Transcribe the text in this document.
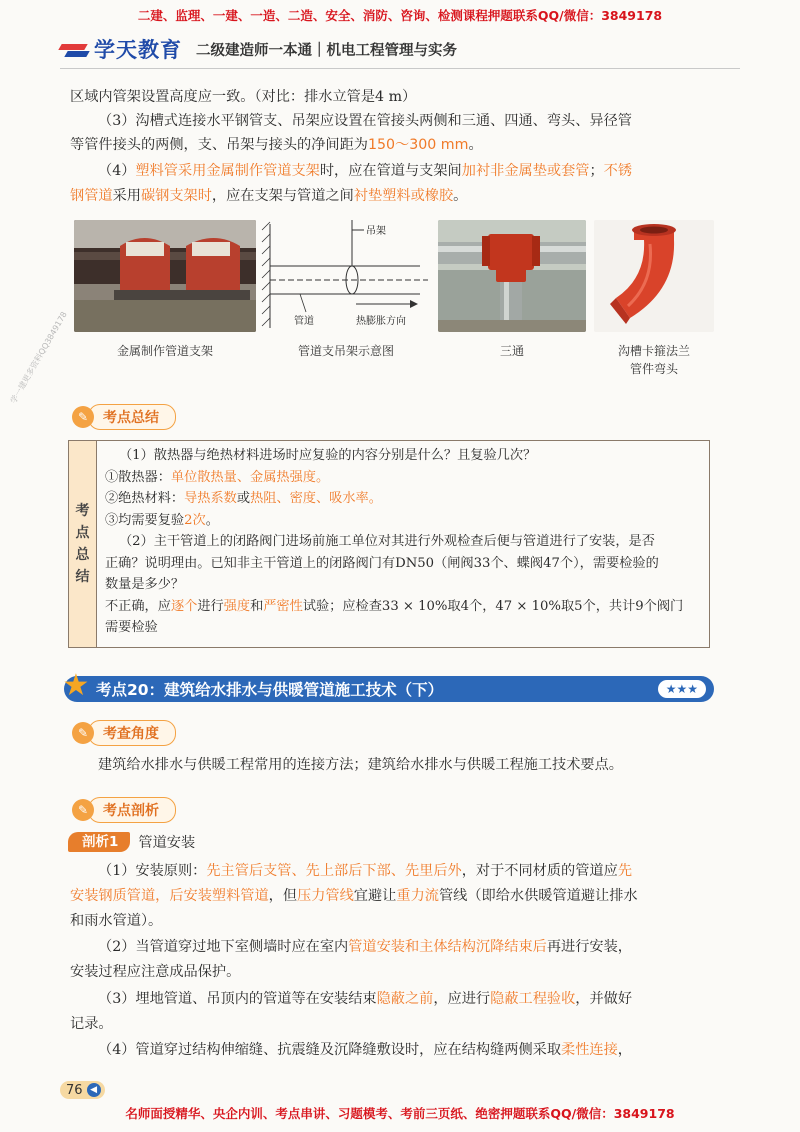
二建、监理、一建、一造、二造、安全、消防、咨询、检测课程押题联系QQ/微信：3849178
学天教育 二级建造师一本通｜机电工程管理与实务
学一建更多资料QQ3849178
区域内管架设置高度应一致。（对比：排水立管是4 m）
（3）沟槽式连接水平钢管支、吊架应设置在管接头两侧和三通、四通、弯头、异径管
等管件接头的两侧，支、吊架与接头的净间距为150～300 mm。
（4）塑料管采用金属制作管道支架时，应在管道与支架间加衬非金属垫或套管；不锈
钢管道采用碳钢支架时，应在支架与管道之间衬垫塑料或橡胶。
金属制作管道支架
吊架
管道	热膨胀方向
管道支吊架示意图	三通	沟槽卡箍法兰
管件弯头
✎	考点总结
考
点
总
结
（1）散热器与绝热材料进场时应复验的内容分别是什么？且复验几次？
①散热器：单位散热量、金属热强度。
②绝热材料：导热系数或热阻、密度、吸水率。
③均需要复验2次。
（2）主干管道上的闭路阀门进场前施工单位对其进行外观检查后便与管道进行了安装，是否
正确？说明理由。已知非主干管道上的闭路阀门有DN50（闸阀33个、蝶阀47个），需要检验的
数量是多少？
不正确，应逐个进行强度和严密性试验；应检查33 × 10%取4个，47 × 10%取5个，共计9个阀门
需要检验
★ 考点20：建筑给水排水与供暖管道施工技术（下）	★★★
✎	考查角度
建筑给水排水与供暖工程常用的连接方法；建筑给水排水与供暖工程施工技术要点。
✎	考点剖析
剖析1	管道安装
（1）安装原则：先主管后支管、先上部后下部、先里后外，对于不同材质的管道应先
安装钢质管道，后安装塑料管道，但压力管线宜避让重力流管线（即给水供暖管道避让排水
和雨水管道）。
（2）当管道穿过地下室侧墙时应在室内管道安装和主体结构沉降结束后再进行安装，
安装过程应注意成品保护。
（3）埋地管道、吊顶内的管道等在安装结束隐蔽之前，应进行隐蔽工程验收，并做好
记录。
（4）管道穿过结构伸缩缝、抗震缝及沉降缝敷设时，应在结构缝两侧采取柔性连接，
76 ◀
名师面授精华、央企内训、考点串讲、习题模考、考前三页纸、绝密押题联系QQ/微信：3849178
